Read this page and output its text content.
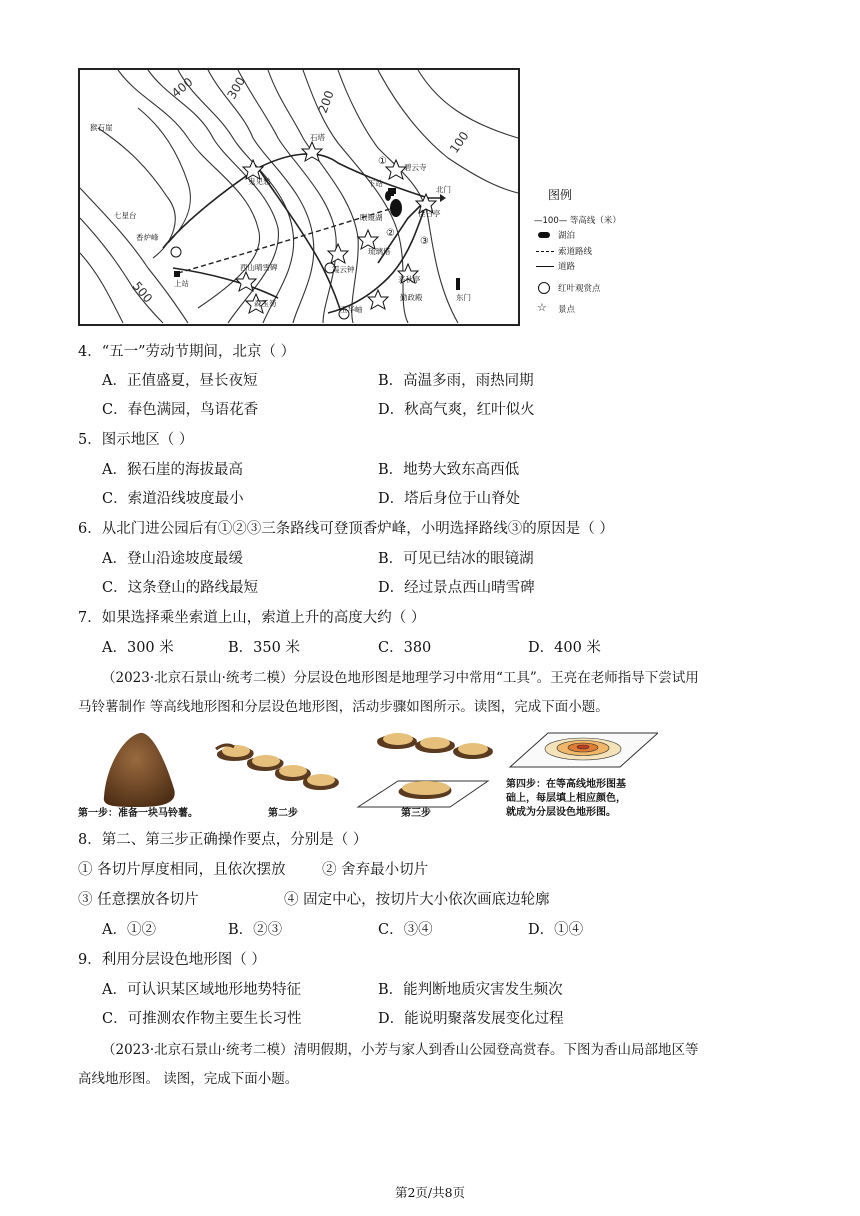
400 300
200
100
500
猴石崖
石塔
碧云寺
下站
北门
鬼见愁
眼镜湖	佳日亭
七星台
香炉峰
上站
西山晴雪碑
森玉笏
霞云钟
琉璃塔
来秋亭
勤政殿	东门
玉华岫
①
②
③
图例
—100— 等高线（米）
湖泊
索道路线
道路
红叶观赏点
☆ 景点
4．“五一”劳动节期间，北京（ ）
A．正值盛夏，昼长夜短	B．高温多雨，雨热同期
C．春色满园，鸟语花香	D．秋高气爽，红叶似火
5．图示地区（ ）
A．猴石崖的海拔最高	B．地势大致东高西低
C．索道沿线坡度最小	D．塔后身位于山脊处
6．从北门进公园后有①②③三条路线可登顶香炉峰，小明选择路线③的原因是（ ）
A．登山沿途坡度最缓	B．可见已结冰的眼镜湖
C．这条登山的路线最短	D．经过景点西山晴雪碑
7．如果选择乘坐索道上山，索道上升的高度大约（ ）
A．300 米	B．350 米	C．380	D．400 米
（2023·北京石景山·统考二模）分层设色地形图是地理学习中常用“工具”。王亮在老师指导下尝试用
马铃薯制作 等高线地形图和分层设色地形图，活动步骤如图所示。读图，完成下面小题。
第一步：准备一块马铃薯。	第二步	第三步
第四步：在等高线地形图基
础上，每层填上相应颜色，
就成为分层设色地形图。
8．第二、第三步正确操作要点，分别是（ ）
① 各切片厚度相同，且依次摆放	② 舍弃最小切片
③ 任意摆放各切片	④ 固定中心，按切片大小依次画底边轮廓
A．①②	B．②③	C．③④	D．①④
9．利用分层设色地形图（ ）
A．可认识某区域地形地势特征	B．能判断地质灾害发生频次
C．可推测农作物主要生长习性	D．能说明聚落发展变化过程
（2023·北京石景山·统考二模）清明假期，小芳与家人到香山公园登高赏春。下图为香山局部地区等
高线地形图。 读图，完成下面小题。
第2页/共8页
